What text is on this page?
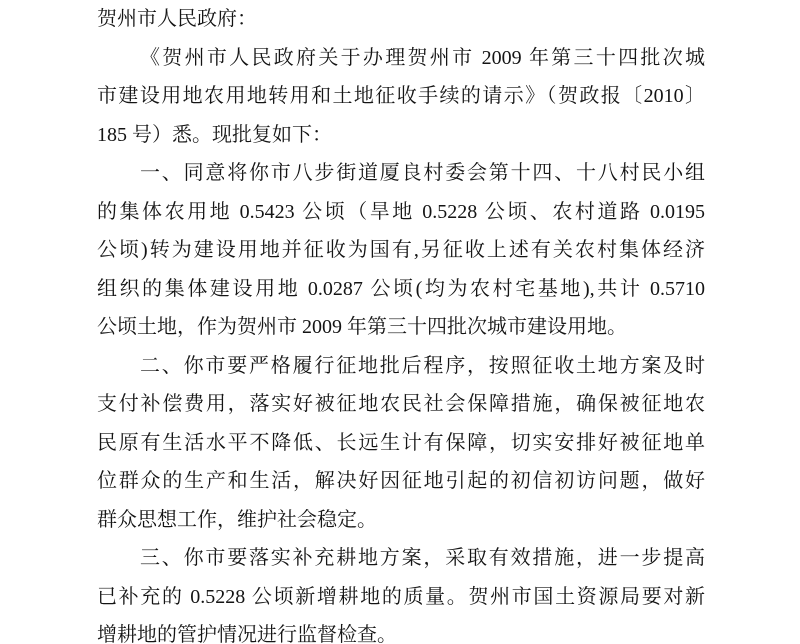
贺州市人民政府：
《贺州市人民政府关于办理贺州市 2009 年第三十四批次城
市建设用地农用地转用和土地征收手续的请示》（贺政报〔2010〕
185 号）悉。现批复如下：
一、同意将你市八步街道厦良村委会第十四、十八村民小组
的集体农用地 0.5423 公顷（旱地 0.5228 公顷、农村道路 0.0195
公顷)转为建设用地并征收为国有,另征收上述有关农村集体经济
组织的集体建设用地 0.0287 公顷(均为农村宅基地),共计 0.5710
公顷土地，作为贺州市 2009 年第三十四批次城市建设用地。
二、你市要严格履行征地批后程序，按照征收土地方案及时
支付补偿费用，落实好被征地农民社会保障措施，确保被征地农
民原有生活水平不降低、长远生计有保障，切实安排好被征地单
位群众的生产和生活，解决好因征地引起的初信初访问题，做好
群众思想工作，维护社会稳定。
三、你市要落实补充耕地方案，采取有效措施，进一步提高
已补充的 0.5228 公顷新增耕地的质量。贺州市国土资源局要对新
增耕地的管护情况进行监督检查。
